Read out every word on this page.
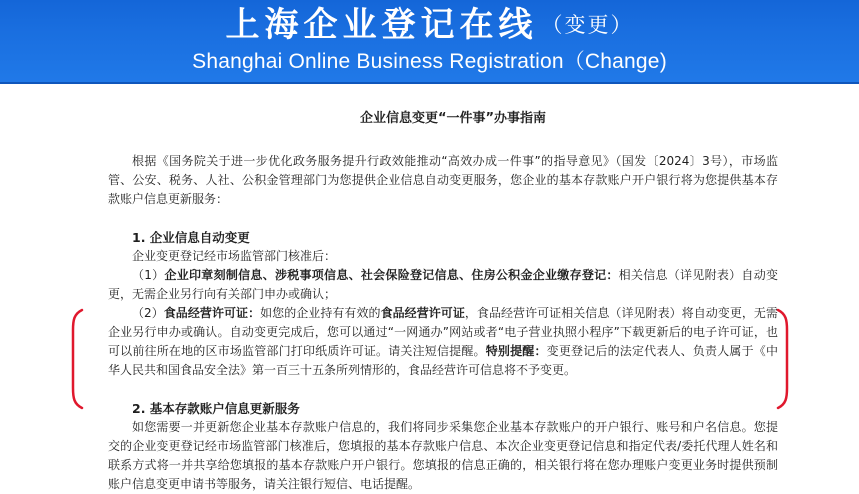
上海企业登记在线 （变更）
Shanghai Online Business Registration（Change)
企业信息变更“一件事”办事指南

根据《国务院关于进一步优化政务服务提升行政效能推动“高效办成一件事”的指导意见》（国发〔2024〕3号），市场监管、公安、税务、人社、公积金管理部门为您提供企业信息自动变更服务，您企业的基本存款账户开户银行将为您提供基本存款账户信息更新服务：

1. 企业信息自动变更

企业变更登记经市场监管部门核准后：

（1）企业印章刻制信息、涉税事项信息、社会保险登记信息、住房公积金企业缴存登记：相关信息（详见附表）自动变更，无需企业另行向有关部门申办或确认；

（2）食品经营许可证：如您的企业持有有效的食品经营许可证，食品经营许可证相关信息（详见附表）将自动变更，无需企业另行申办或确认。自动变更完成后，您可以通过“一网通办”网站或者“电子营业执照小程序”下载更新后的电子许可证，也可以前往所在地的区市场监管部门打印纸质许可证。请关注短信提醒。特别提醒：变更登记后的法定代表人、负责人属于《中华人民共和国食品安全法》第一百三十五条所列情形的，食品经营许可信息将不予变更。

2. 基本存款账户信息更新服务

如您需要一并更新您企业基本存款账户信息的，我们将同步采集您企业基本存款账户的开户银行、账号和户名信息。您提交的企业变更登记经市场监管部门核准后，您填报的基本存款账户信息、本次企业变更登记信息和指定代表/委托代理人姓名和联系方式将一并共享给您填报的基本存款账户开户银行。您填报的信息正确的，相关银行将在您办理账户变更业务时提供预制账户信息变更申请书等服务，请关注银行短信、电话提醒。
